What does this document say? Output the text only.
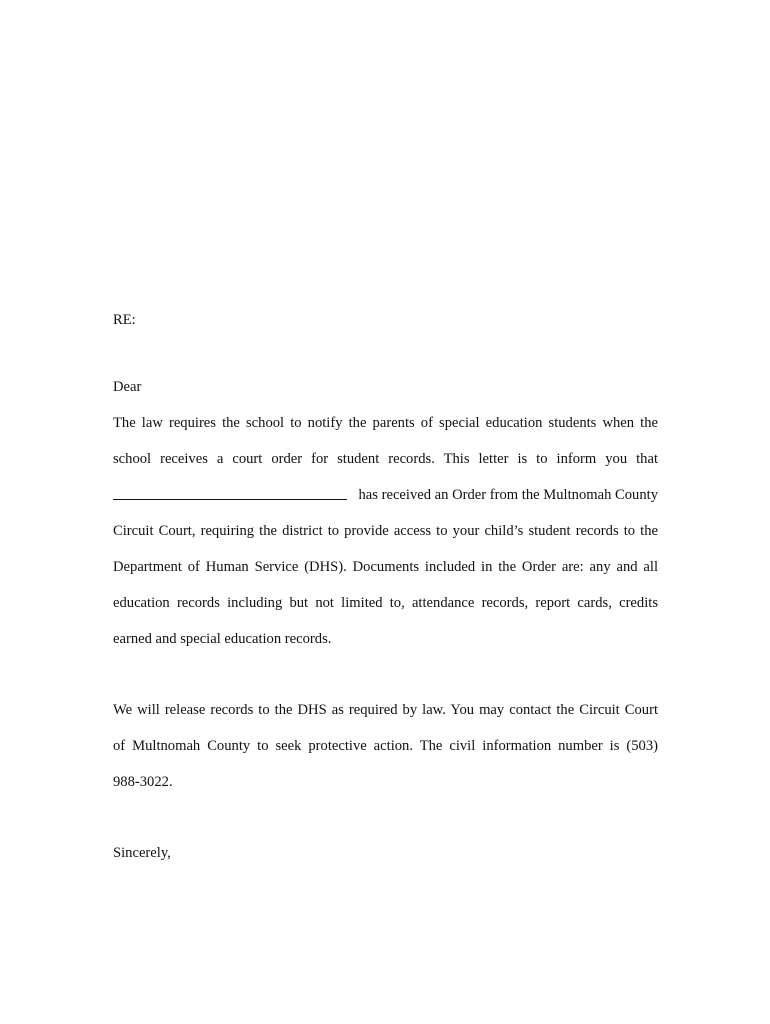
RE:
Dear
The law requires the school to notify the parents of special education students when the
school receives a court order for student records. This letter is to inform you that
has received an Order from the Multnomah County
Circuit Court, requiring the district to provide access to your child’s student records to the
Department of Human Service (DHS). Documents included in the Order are: any and all
education records including but not limited to, attendance records, report cards, credits
earned and special education records.
We will release records to the DHS as required by law. You may contact the Circuit Court
of Multnomah County to seek protective action. The civil information number is (503)
988-3022.
Sincerely,
